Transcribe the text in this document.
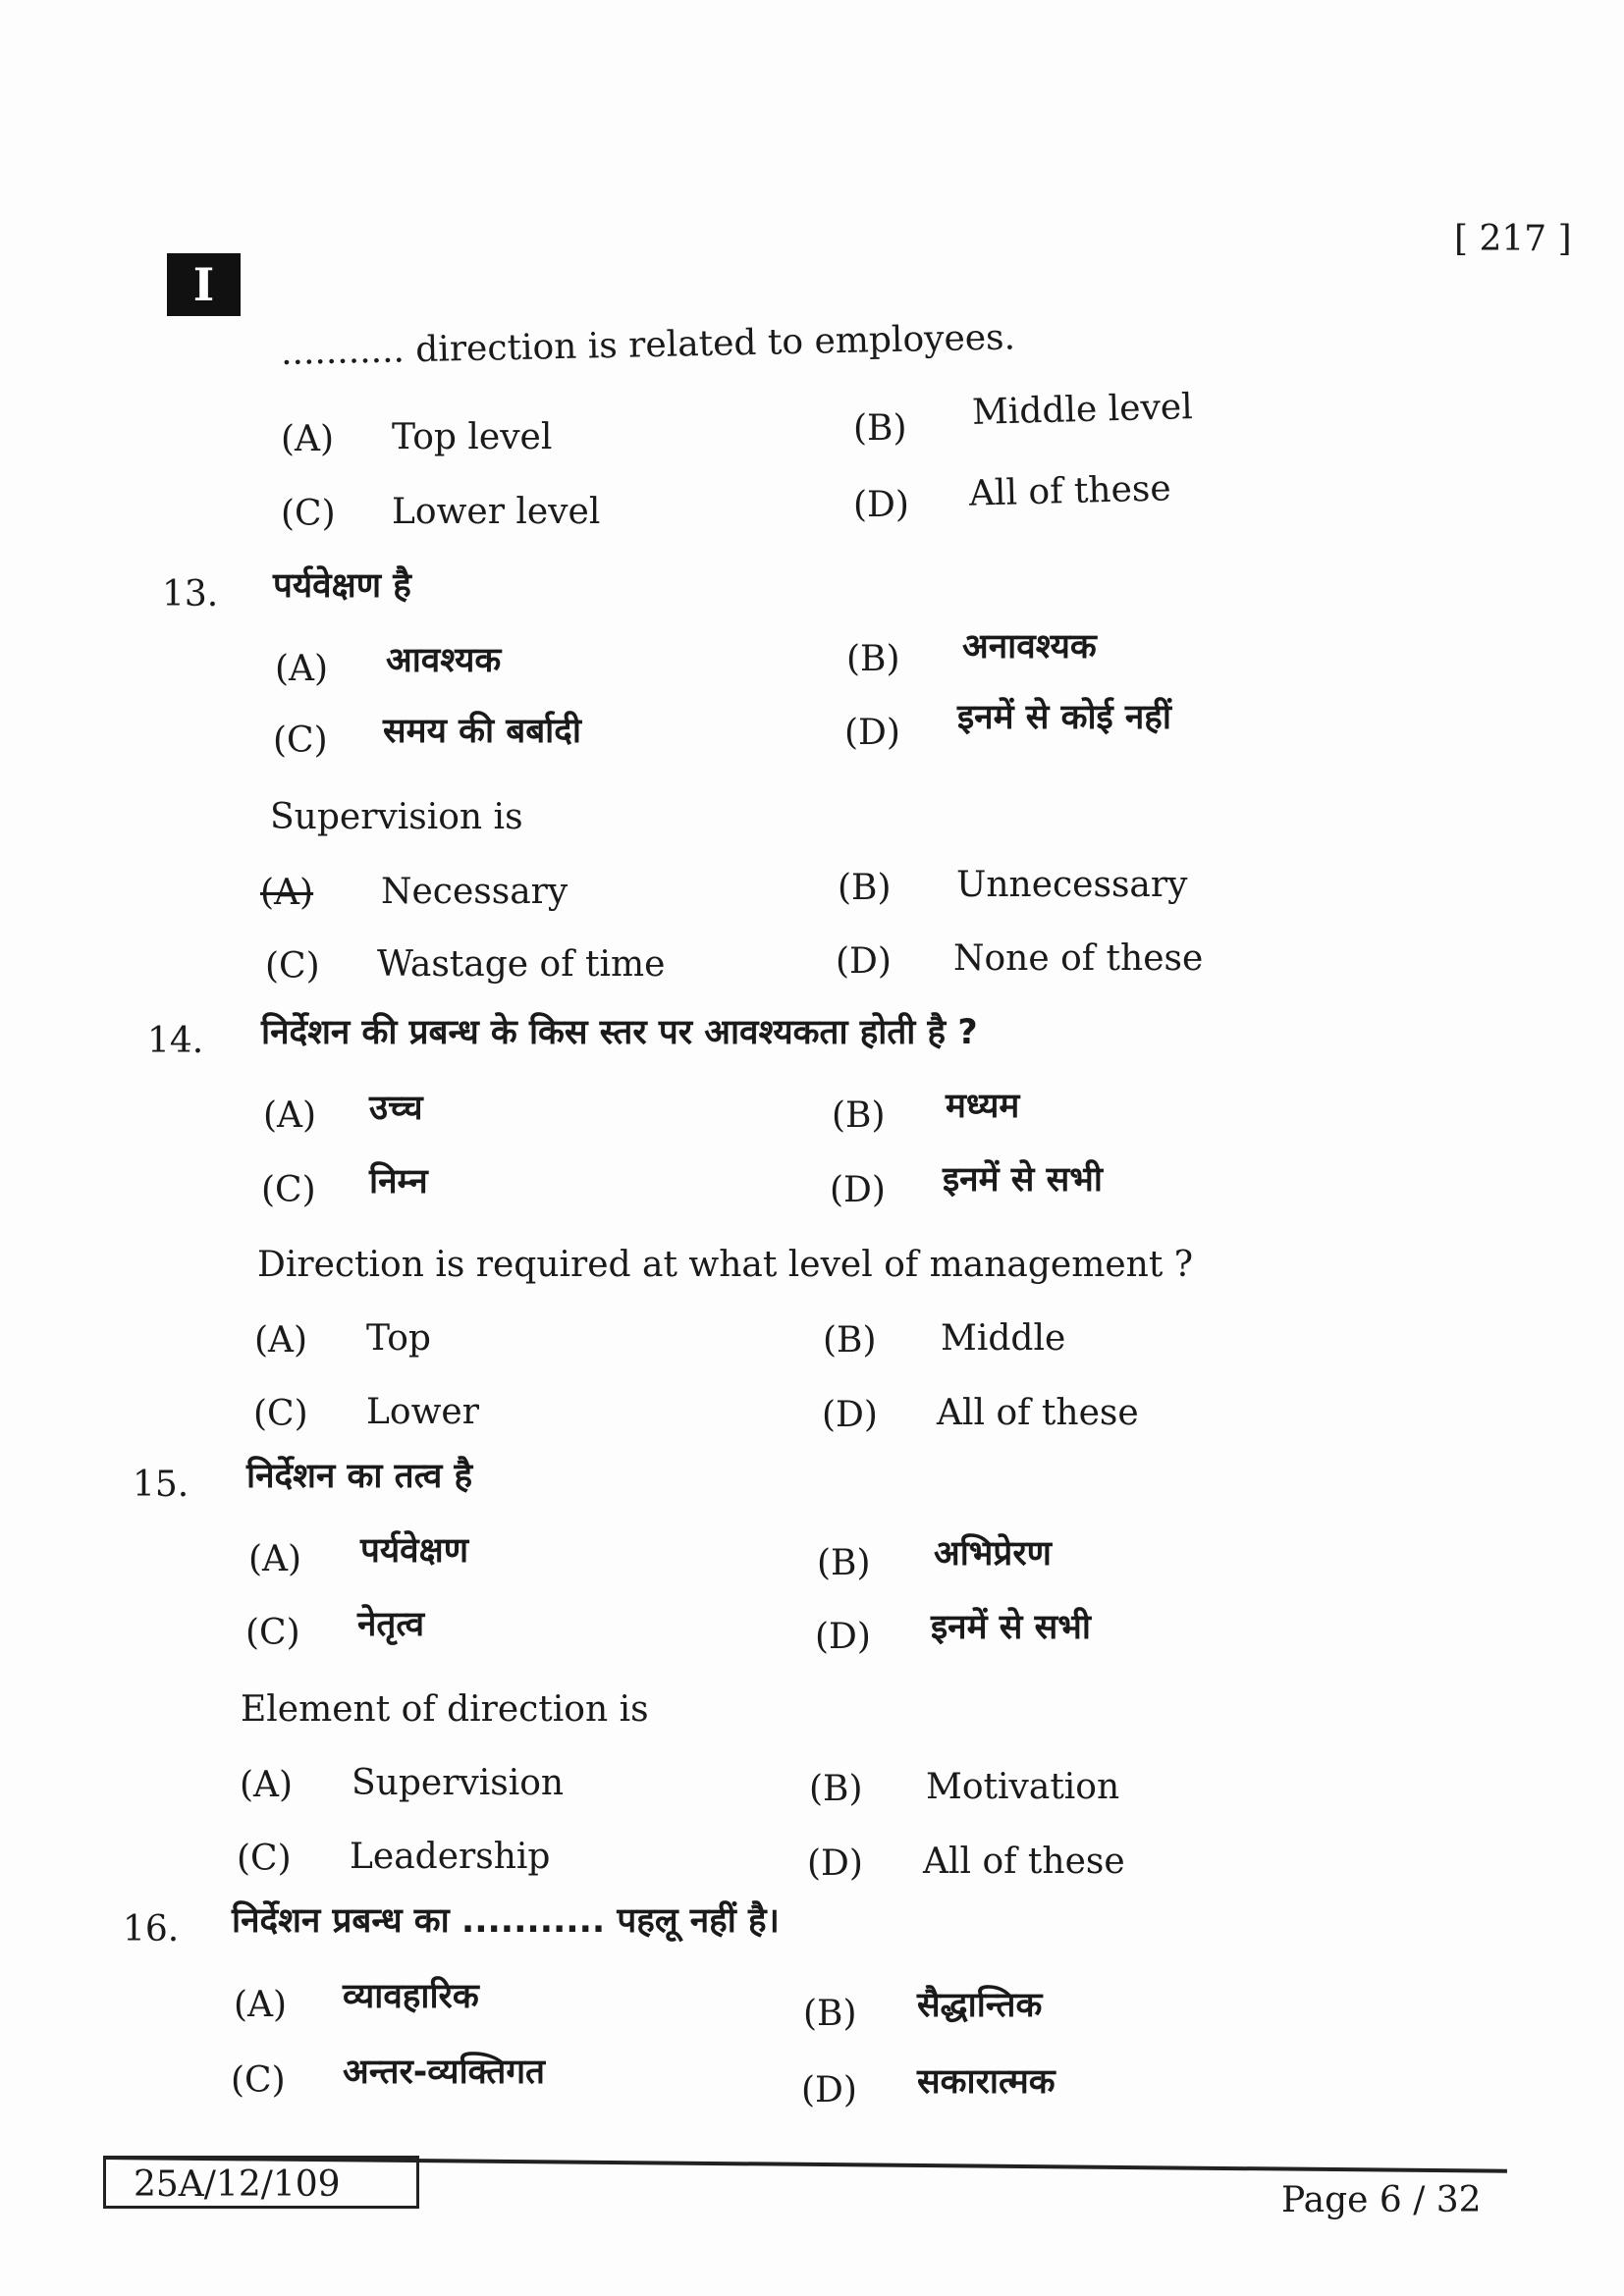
[ 217 ]
I
........... direction is related to employees.
(A) Top level	(B) Middle level
(C) Lower level	(D) All of these
13. पर्यवेक्षण है
(A) आवश्यक	(B) अनावश्यक
(C) समय की बर्बादी	(D) इनमें से कोई नहीं
Supervision is
(A) Necessary	(B) Unnecessary
(C) Wastage of time	(D) None of these
14. निर्देशन की प्रबन्ध के किस स्तर पर आवश्यकता होती है ?
(A) उच्च	(B) मध्यम
(C) निम्न	(D) इनमें से सभी
Direction is required at what level of management ?
(A) Top	(B) Middle
(C) Lower	(D) All of these
15. निर्देशन का तत्व है
(A) पर्यवेक्षण	(B) अभिप्रेरण
(C) नेतृत्व	(D) इनमें से सभी
Element of direction is
(A) Supervision	(B) Motivation
(C) Leadership	(D) All of these
16. निर्देशन प्रबन्ध का ........... पहलू नहीं है।
(A) व्यावहारिक	(B) सैद्धान्तिक
(C) अन्तर-व्यक्तिगत	(D) सकारात्मक
25A/12/109	Page 6 / 32
